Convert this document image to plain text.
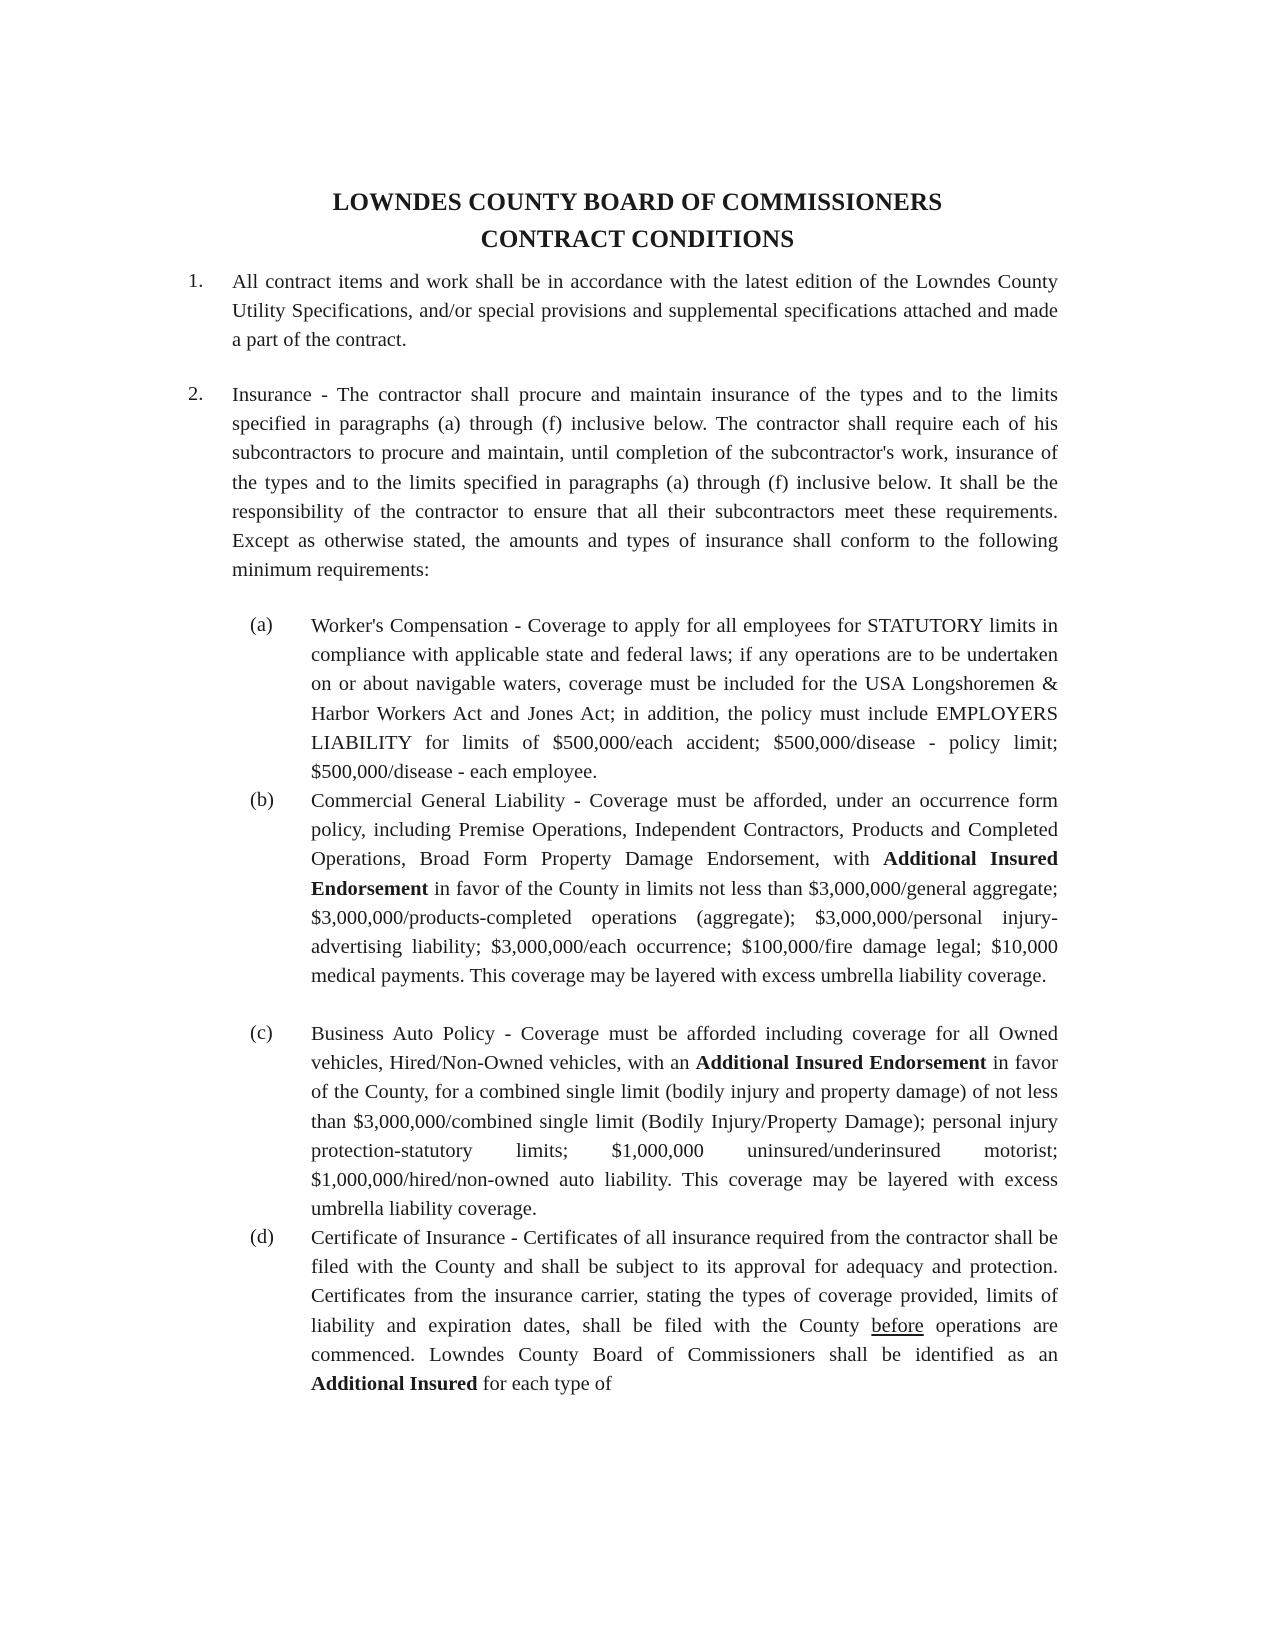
LOWNDES COUNTY BOARD OF COMMISSIONERS
CONTRACT CONDITIONS
1. All contract items and work shall be in accordance with the latest edition of the Lowndes County Utility Specifications, and/or special provisions and supplemental specifications attached and made a part of the contract.
2. Insurance - The contractor shall procure and maintain insurance of the types and to the limits specified in paragraphs (a) through (f) inclusive below. The contractor shall require each of his subcontractors to procure and maintain, until completion of the subcontractor's work, insurance of the types and to the limits specified in paragraphs (a) through (f) inclusive below. It shall be the responsibility of the contractor to ensure that all their subcontractors meet these requirements. Except as otherwise stated, the amounts and types of insurance shall conform to the following minimum requirements:
(a) Worker's Compensation - Coverage to apply for all employees for STATUTORY limits in compliance with applicable state and federal laws; if any operations are to be undertaken on or about navigable waters, coverage must be included for the USA Longshoremen & Harbor Workers Act and Jones Act; in addition, the policy must include EMPLOYERS LIABILITY for limits of $500,000/each accident; $500,000/disease - policy limit; $500,000/disease - each employee.
(b) Commercial General Liability - Coverage must be afforded, under an occurrence form policy, including Premise Operations, Independent Contractors, Products and Completed Operations, Broad Form Property Damage Endorsement, with Additional Insured Endorsement in favor of the County in limits not less than $3,000,000/general aggregate; $3,000,000/products-completed operations (aggregate); $3,000,000/personal injury-advertising liability; $3,000,000/each occurrence; $100,000/fire damage legal; $10,000 medical payments. This coverage may be layered with excess umbrella liability coverage.
(c) Business Auto Policy - Coverage must be afforded including coverage for all Owned vehicles, Hired/Non-Owned vehicles, with an Additional Insured Endorsement in favor of the County, for a combined single limit (bodily injury and property damage) of not less than $3,000,000/combined single limit (Bodily Injury/Property Damage); personal injury protection-statutory limits; $1,000,000 uninsured/underinsured motorist; $1,000,000/hired/non-owned auto liability. This coverage may be layered with excess umbrella liability coverage.
(d) Certificate of Insurance - Certificates of all insurance required from the contractor shall be filed with the County and shall be subject to its approval for adequacy and protection. Certificates from the insurance carrier, stating the types of coverage provided, limits of liability and expiration dates, shall be filed with the County before operations are commenced. Lowndes County Board of Commissioners shall be identified as an Additional Insured for each type of
